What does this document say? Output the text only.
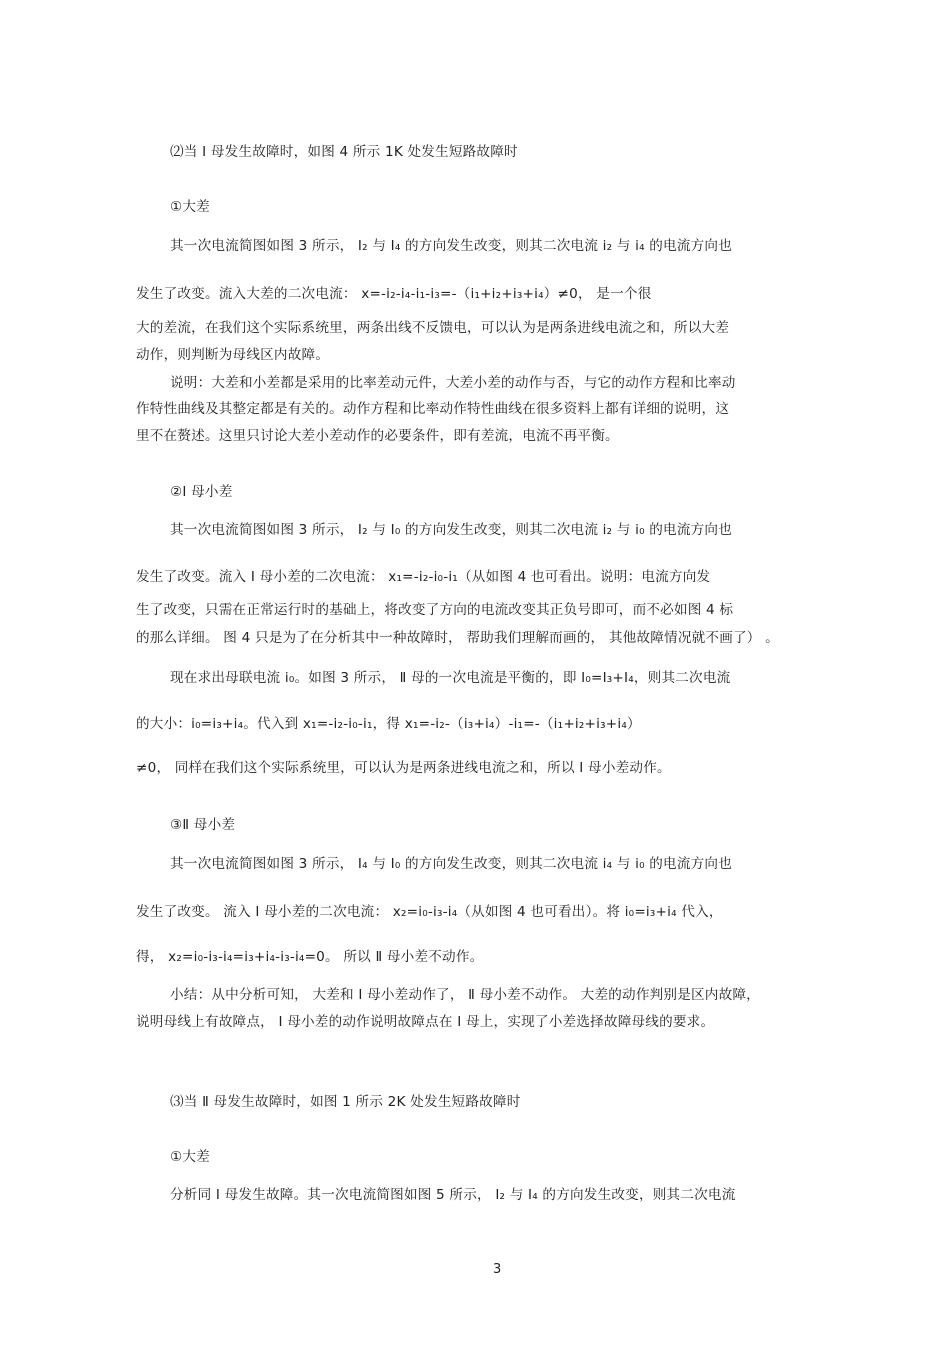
⑵当 Ⅰ 母发生故障时，如图 4 所示 1K 处发生短路故障时
①大差
其一次电流简图如图 3 所示， Ⅰ₂ 与 Ⅰ₄ 的方向发生改变，则其二次电流 i₂ 与 i₄ 的电流方向也
发生了改变。流入大差的二次电流： x=-i₂-i₄-i₁-i₃=-（i₁+i₂+i₃+i₄）≠0， 是一个很
大的差流，在我们这个实际系统里，两条出线不反馈电，可以认为是两条进线电流之和，所以大差
动作，则判断为母线区内故障。
说明：大差和小差都是采用的比率差动元件，大差小差的动作与否，与它的动作方程和比率动
作特性曲线及其整定都是有关的。动作方程和比率动作特性曲线在很多资料上都有详细的说明，这
里不在赘述。这里只讨论大差小差动作的必要条件，即有差流，电流不再平衡。
②Ⅰ 母小差
其一次电流简图如图 3 所示， Ⅰ₂ 与 Ⅰ₀ 的方向发生改变，则其二次电流 i₂ 与 i₀ 的电流方向也
发生了改变。流入 Ⅰ 母小差的二次电流： x₁=-i₂-i₀-i₁（从如图 4 也可看出。说明：电流方向发
生了改变，只需在正常运行时的基础上，将改变了方向的电流改变其正负号即可，而不必如图 4 标
的那么详细。 图 4 只是为了在分析其中一种故障时， 帮助我们理解而画的， 其他故障情况就不画了） 。
现在求出母联电流 i₀。如图 3 所示， Ⅱ 母的一次电流是平衡的，即 Ⅰ₀=Ⅰ₃+Ⅰ₄，则其二次电流
的大小：i₀=i₃+i₄。代入到 x₁=-i₂-i₀-i₁，得 x₁=-i₂-（i₃+i₄）-i₁=-（i₁+i₂+i₃+i₄）
≠0， 同样在我们这个实际系统里，可以认为是两条进线电流之和，所以 Ⅰ 母小差动作。
③Ⅱ 母小差
其一次电流简图如图 3 所示， Ⅰ₄ 与 Ⅰ₀ 的方向发生改变，则其二次电流 i₄ 与 i₀ 的电流方向也
发生了改变。 流入 Ⅰ 母小差的二次电流： x₂=i₀-i₃-i₄（从如图 4 也可看出）。将 i₀=i₃+i₄ 代入，
得， x₂=i₀-i₃-i₄=i₃+i₄-i₃-i₄=0。 所以 Ⅱ 母小差不动作。
小结：从中分析可知， 大差和 Ⅰ 母小差动作了， Ⅱ 母小差不动作。 大差的动作判别是区内故障，
说明母线上有故障点， Ⅰ 母小差的动作说明故障点在 Ⅰ 母上，实现了小差选择故障母线的要求。
⑶当 Ⅱ 母发生故障时，如图 1 所示 2K 处发生短路故障时
①大差
分析同 Ⅰ 母发生故障。其一次电流简图如图 5 所示， Ⅰ₂ 与 Ⅰ₄ 的方向发生改变，则其二次电流
3
